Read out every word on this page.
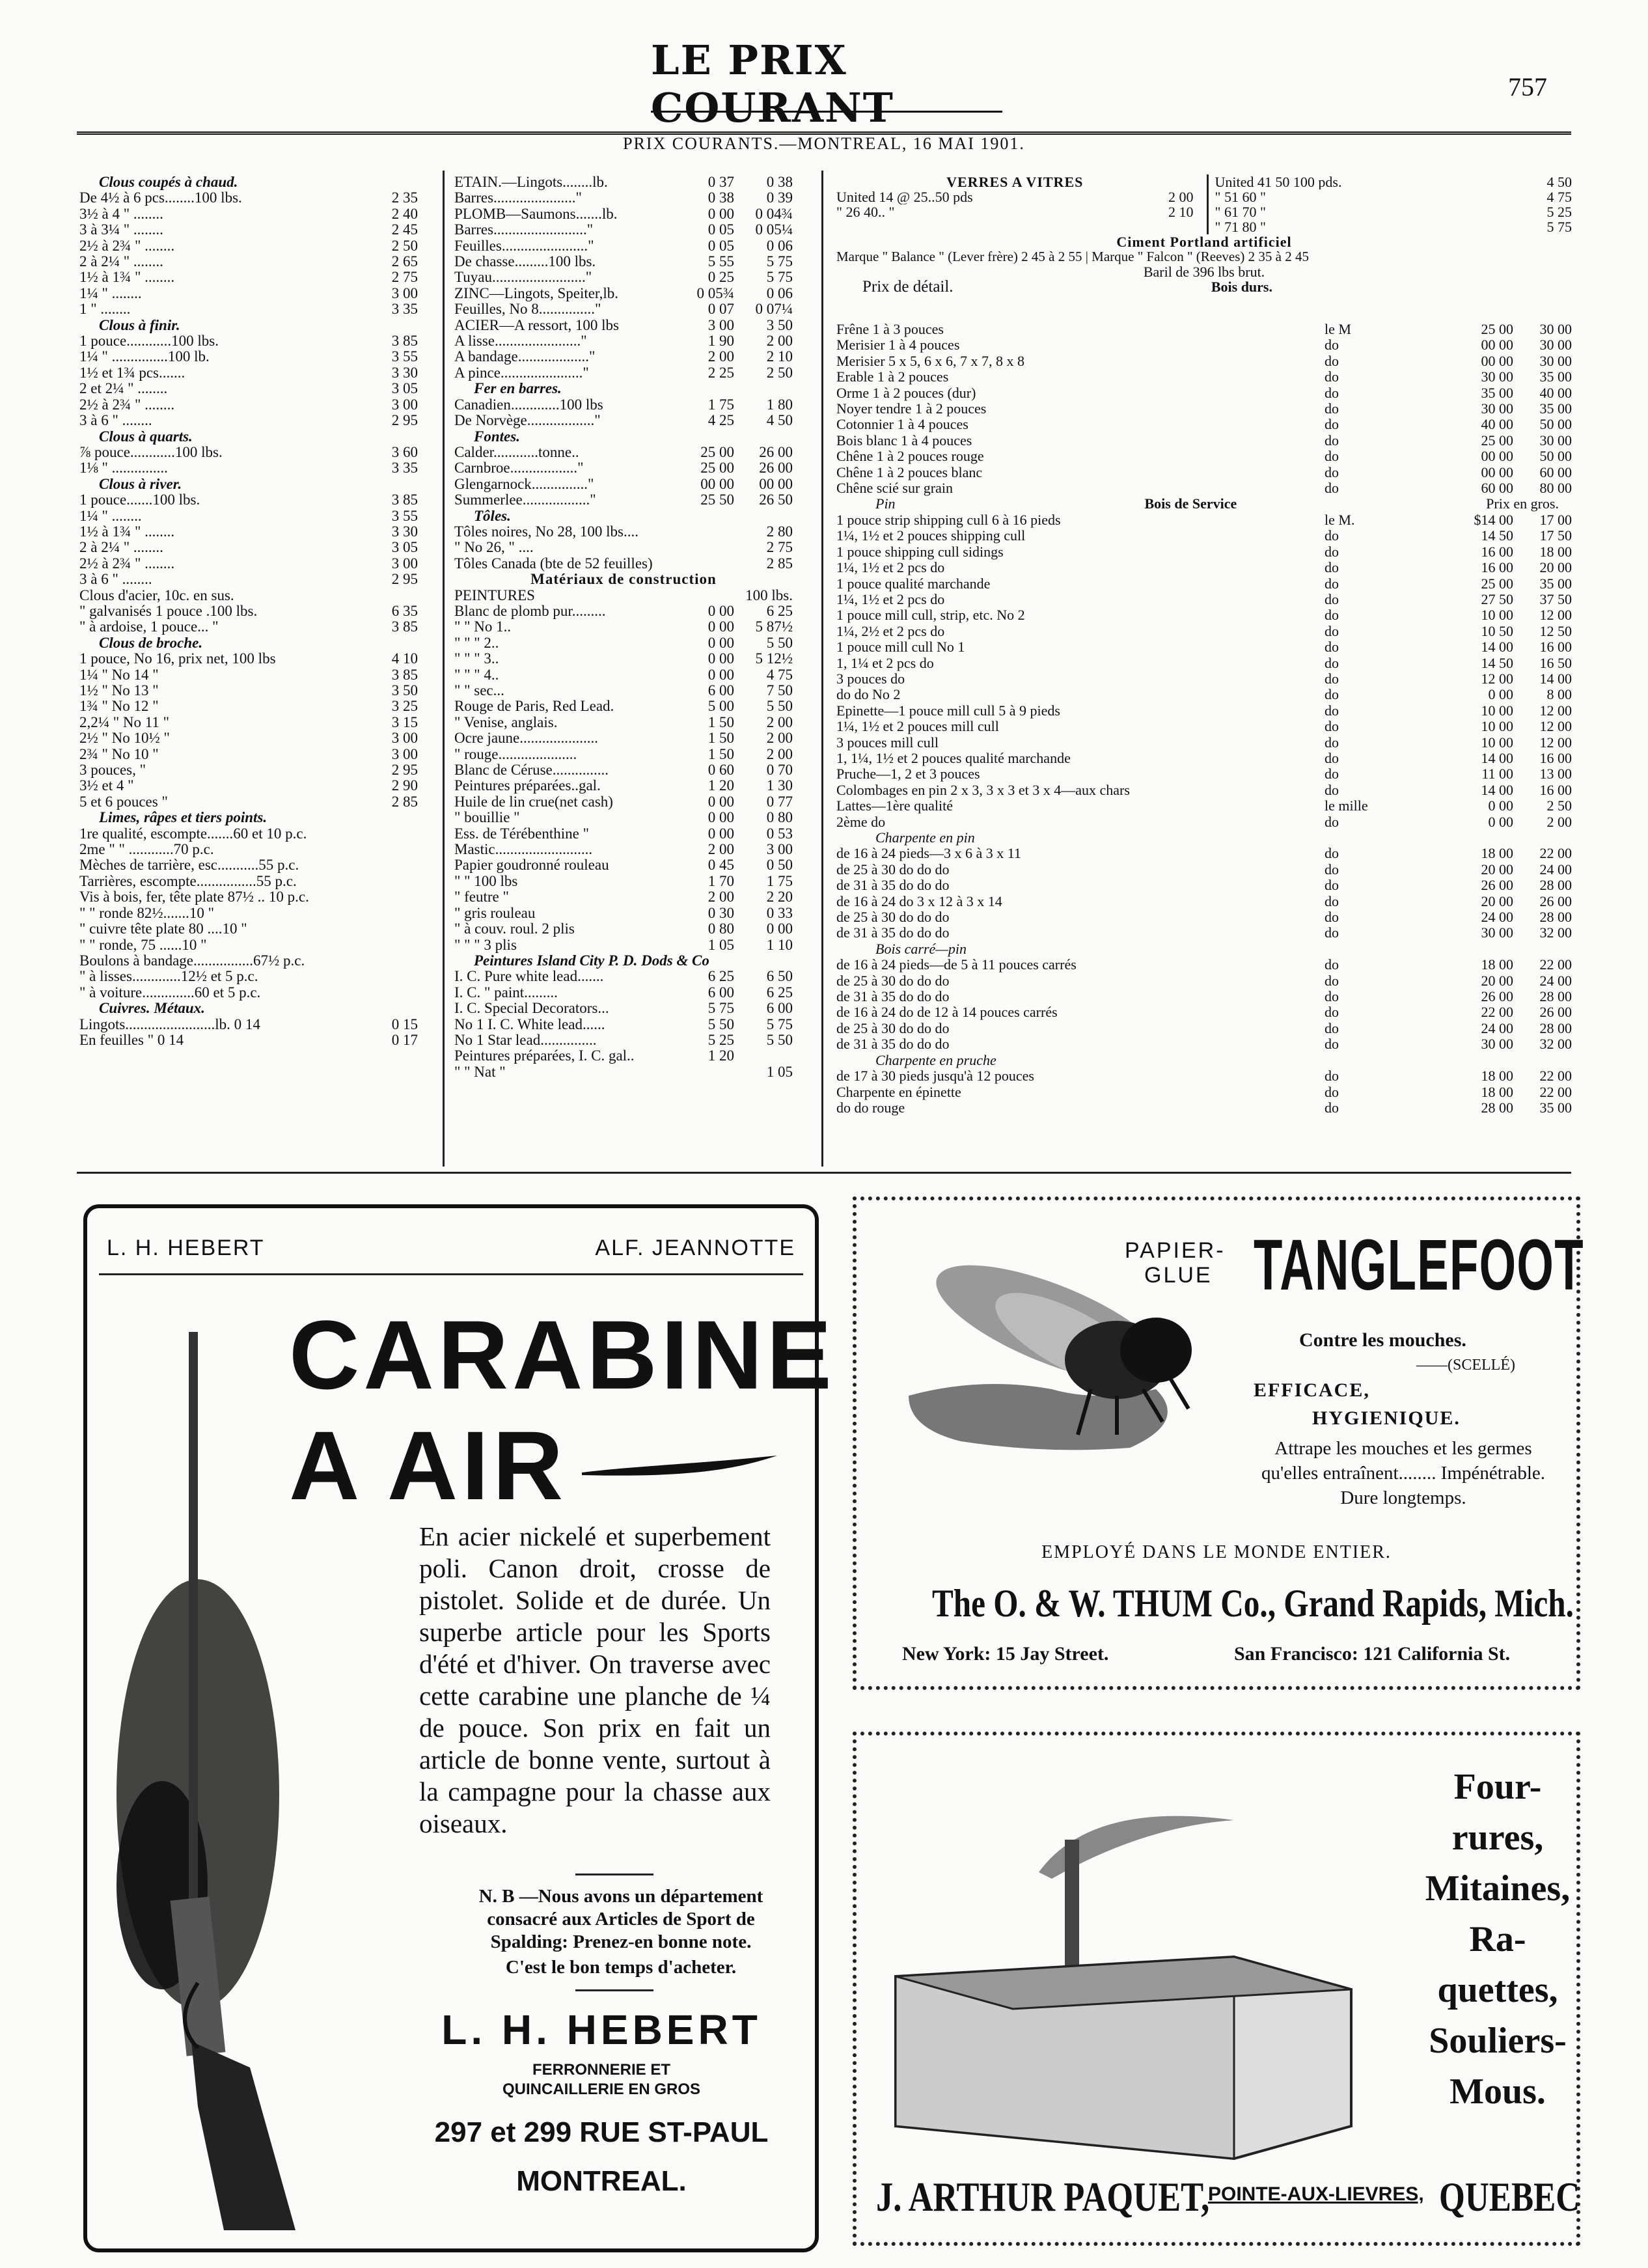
LE PRIX COURANT	757
PRIX COURANTS.—MONTREAL, 16 MAI 1901.
Clous coupés à chaud.
De 4½ à 6 pcs........100 lbs.	2 35
3½ à 4 " ........	2 40
3 à 3¼ " ........	2 45
2½ à 2¾ " ........	2 50
2 à 2¼ " ........	2 65
1½ à 1¾ " ........	2 75
1¼ " ........	3 00
1 " ........	3 35
Clous à finir.
1 pouce............100 lbs.	3 85
1¼ " ...............100 lb.	3 55
1½ et 1¾ pcs.......	3 30
2 et 2¼ " ........	3 05
2½ à 2¾ " ........	3 00
3 à 6 " ........	2 95
Clous à quarts.
⅞ pouce............100 lbs.	3 60
1⅛ " ...............	3 35
Clous à river.
1 pouce.......100 lbs.	3 85
1¼ " ........	3 55
1½ à 1¾ " ........	3 30
2 à 2¼ " ........	3 05
2½ à 2¾ " ........	3 00
3 à 6 " ........	2 95
Clous d'acier, 10c. en sus.
" galvanisés 1 pouce .100 lbs.	6 35
" à ardoise, 1 pouce... "	3 85
Clous de broche.
1 pouce, No 16, prix net, 100 lbs	4 10
1¼ " No 14 "	3 85
1½ " No 13 "	3 50
1¾ " No 12 "	3 25
2,2¼ " No 11 "	3 15
2½ " No 10½ "	3 00
2¾ " No 10 "	3 00
3 pouces, "	2 95
3½ et 4 "	2 90
5 et 6 pouces "	2 85
Limes, râpes et tiers points.
1re qualité, escompte.......60 et 10 p.c.
2me " " ............70 p.c.
Mèches de tarrière, esc...........55 p.c.
Tarrières, escompte................55 p.c.
Vis à bois, fer, tête plate 87½ .. 10 p.c.
" " ronde 82½.......10 "
" cuivre tête plate 80 ....10 "
" " ronde, 75 ......10 "
Boulons à bandage................67½ p.c.
" à lisses.............12½ et 5 p.c.
" à voiture..............60 et 5 p.c.
Cuivres. Métaux.
Lingots........................lb. 0 14	0 15
En feuilles " 0 14	0 17
ETAIN.—Lingots........lb.	0 37	0 38
Barres......................"	0 38	0 39
PLOMB—Saumons.......lb.	0 00	0 04¾
Barres........................."	0 05	0 05¼
Feuilles......................."	0 05	0 06
De chasse.........100 lbs.	5 55	5 75
Tuyau........................."	0 25	5 75
ZINC—Lingots, Speiter,lb.	0 05¾	0 06
Feuilles, No 8..............."	0 07	0 07¼
ACIER—A ressort, 100 lbs	3 00	3 50
A lisse......................."	1 90	2 00
A bandage..................."	2 00	2 10
A pince......................"	2 25	2 50
Fer en barres.
Canadien.............100 lbs	1 75	1 80
De Norvège.................."	4 25	4 50
Fontes.
Calder............tonne..	25 00	26 00
Carnbroe.................."	25 00	26 00
Glengarnock..............."	00 00	00 00
Summerlee.................."	25 50	26 50
Tôles.
Tôles noires, No 28, 100 lbs....	2 80
" No 26, " ....	2 75
Tôles Canada (bte de 52 feuilles)	2 85
Matériaux de construction
PEINTURES	100 lbs.
Blanc de plomb pur.........	0 00	6 25
" " No 1..	0 00	5 87½
" " " 2..	0 00	5 50
" " " 3..	0 00	5 12½
" " " 4..	0 00	4 75
" " sec...	6 00	7 50
Rouge de Paris, Red Lead.	5 00	5 50
" Venise, anglais.	1 50	2 00
Ocre jaune.....................	1 50	2 00
" rouge.....................	1 50	2 00
Blanc de Céruse...............	0 60	0 70
Peintures préparées..gal.	1 20	1 30
Huile de lin crue(net cash)	0 00	0 77
" bouillie "	0 00	0 80
Ess. de Térébenthine "	0 00	0 53
Mastic..........................	2 00	3 00
Papier goudronné rouleau	0 45	0 50
" " 100 lbs	1 70	1 75
" feutre "	2 00	2 20
" gris rouleau	0 30	0 33
" à couv. roul. 2 plis	0 80	0 00
" " " 3 plis	1 05	1 10
Peintures Island City P. D. Dods & Co
I. C. Pure white lead.......	6 25	6 50
I. C. " paint.........	6 00	6 25
I. C. Special Decorators...	5 75	6 00
No 1 I. C. White lead......	5 50	5 75
No 1 Star lead...............	5 25	5 50
Peintures préparées, I. C. gal..	1 20
" " Nat "	1 05
VERRES A VITRES
United 14 @ 25..50 pds	2 00
" 26 40.. "	2 10
United 41 50 100 pds.	4 50
" 51 60 "	4 75
" 61 70 "	5 25
" 71 80 "	5 75
Ciment Portland artificiel
Marque " Balance " (Lever frère) 2 45 à 2 55 | Marque " Falcon " (Reeves) 2 35 à 2 45
Baril de 396 lbs brut.
Prix de détail.	Bois durs.
Frêne 1 à 3 pouces	le M	25 00	30 00
Merisier 1 à 4 pouces	do	00 00	30 00
Merisier 5 x 5, 6 x 6, 7 x 7, 8 x 8	do	00 00	30 00
Erable 1 à 2 pouces	do	30 00	35 00
Orme 1 à 2 pouces (dur)	do	35 00	40 00
Noyer tendre 1 à 2 pouces	do	30 00	35 00
Cotonnier 1 à 4 pouces	do	40 00	50 00
Bois blanc 1 à 4 pouces	do	25 00	30 00
Chêne 1 à 2 pouces rouge	do	00 00	50 00
Chêne 1 à 2 pouces blanc	do	00 00	60 00
Chêne scié sur grain	do	60 00	80 00
Pin	Bois de Service	Prix en gros.
1 pouce strip shipping cull 6 à 16 pieds	le M.	$14 00	17 00
1¼, 1½ et 2 pouces shipping cull	do	14 50	17 50
1 pouce shipping cull sidings	do	16 00	18 00
1¼, 1½ et 2 pcs do	do	16 00	20 00
1 pouce qualité marchande	do	25 00	35 00
1¼, 1½ et 2 pcs do	do	27 50	37 50
1 pouce mill cull, strip, etc. No 2	do	10 00	12 00
1¼, 2½ et 2 pcs do	do	10 50	12 50
1 pouce mill cull No 1	do	14 00	16 00
1, 1¼ et 2 pcs do	do	14 50	16 50
3 pouces do	do	12 00	14 00
do do No 2	do	0 00	8 00
Epinette—1 pouce mill cull 5 à 9 pieds	do	10 00	12 00
1¼, 1½ et 2 pouces mill cull	do	10 00	12 00
3 pouces mill cull	do	10 00	12 00
1, 1¼, 1½ et 2 pouces qualité marchande	do	14 00	16 00
Pruche—1, 2 et 3 pouces	do	11 00	13 00
Colombages en pin 2 x 3, 3 x 3 et 3 x 4—aux chars	do	14 00	16 00
Lattes—1ère qualité	le mille	0 00	2 50
2ème do	do	0 00	2 00
Charpente en pin
de 16 à 24 pieds—3 x 6 à 3 x 11	do	18 00	22 00
de 25 à 30 do do do	do	20 00	24 00
de 31 à 35 do do do	do	26 00	28 00
de 16 à 24 do 3 x 12 à 3 x 14	do	20 00	26 00
de 25 à 30 do do do	do	24 00	28 00
de 31 à 35 do do do	do	30 00	32 00
Bois carré—pin
de 16 à 24 pieds—de 5 à 11 pouces carrés	do	18 00	22 00
de 25 à 30 do do do	do	20 00	24 00
de 31 à 35 do do do	do	26 00	28 00
de 16 à 24 do de 12 à 14 pouces carrés	do	22 00	26 00
de 25 à 30 do do do	do	24 00	28 00
de 31 à 35 do do do	do	30 00	32 00
Charpente en pruche
de 17 à 30 pieds jusqu'à 12 pouces	do	18 00	22 00
Charpente en épinette	do	18 00	22 00
do do rouge	do	28 00	35 00
L. H. HEBERT	ALF. JEANNOTTE
CARABINE
A AIR
En acier nickelé et superbement poli. Canon droit, crosse de pistolet. Solide et de durée. Un superbe article pour les Sports d'été et d'hiver. On traverse avec cette carabine une planche de ¼ de pouce. Son prix en fait un article de bonne vente, surtout à la campagne pour la chasse aux oiseaux.
N. B —Nous avons un département consacré aux Articles de Sport de Spalding: Prenez-en bonne note.
C'est le bon temps d'acheter.
L. H. HEBERT
FERRONNERIE ET
QUINCAILLERIE EN GROS
297 et 299 RUE ST-PAUL
MONTREAL.
PAPIER-
GLUE TANGLEFOOT
Contre les mouches.
——(SCELLÉ)
EFFICACE,
HYGIENIQUE.
Attrape les mouches et les germes qu'elles entraînent........ Impénétrable. Dure longtemps.
EMPLOYÉ DANS LE MONDE ENTIER.
The O. & W. THUM Co., Grand Rapids, Mich.
New York: 15 Jay Street.	San Francisco: 121 California St.
Four-
rures,
Mitaines,
Ra-
quettes,
Souliers-
Mous.
J. ARTHUR PAQUET,
POINTE-AUX-LIEVRES, QUEBEC
